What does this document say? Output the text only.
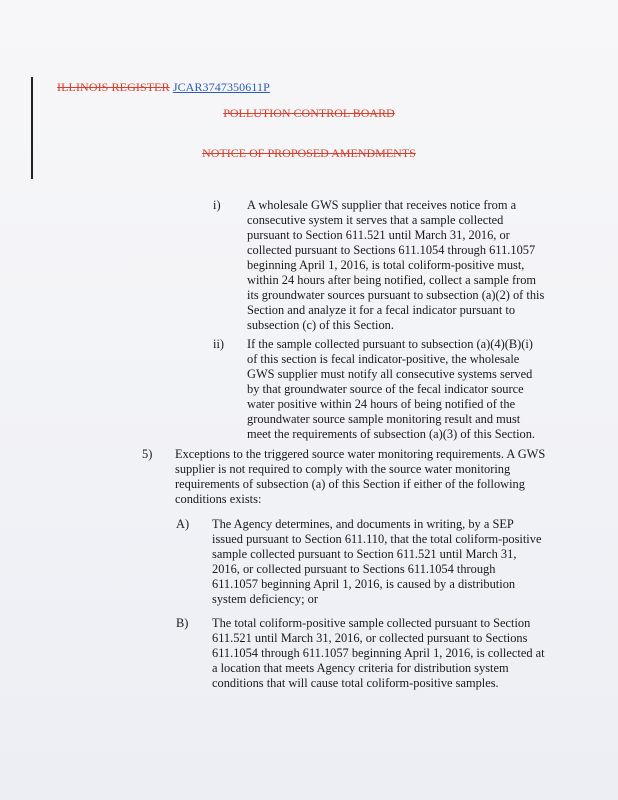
ILLINOIS REGISTER JCAR3747350611P
POLLUTION CONTROL BOARD
NOTICE OF PROPOSED AMENDMENTS
i) A wholesale GWS supplier that receives notice from a consecutive system it serves that a sample collected pursuant to Section 611.521 until March 31, 2016, or collected pursuant to Sections 611.1054 through 611.1057 beginning April 1, 2016, is total coliform-positive must, within 24 hours after being notified, collect a sample from its groundwater sources pursuant to subsection (a)(2) of this Section and analyze it for a fecal indicator pursuant to subsection (c) of this Section.

ii) If the sample collected pursuant to subsection (a)(4)(B)(i) of this section is fecal indicator-positive, the wholesale GWS supplier must notify all consecutive systems served by that groundwater source of the fecal indicator source water positive within 24 hours of being notified of the groundwater source sample monitoring result and must meet the requirements of subsection (a)(3) of this Section.

5) Exceptions to the triggered source water monitoring requirements. A GWS supplier is not required to comply with the source water monitoring requirements of subsection (a) of this Section if either of the following conditions exists:

A) The Agency determines, and documents in writing, by a SEP issued pursuant to Section 611.110, that the total coliform-positive sample collected pursuant to Section 611.521 until March 31, 2016, or collected pursuant to Sections 611.1054 through 611.1057 beginning April 1, 2016, is caused by a distribution system deficiency; or

B) The total coliform-positive sample collected pursuant to Section 611.521 until March 31, 2016, or collected pursuant to Sections 611.1054 through 611.1057 beginning April 1, 2016, is collected at a location that meets Agency criteria for distribution system conditions that will cause total coliform-positive samples.
